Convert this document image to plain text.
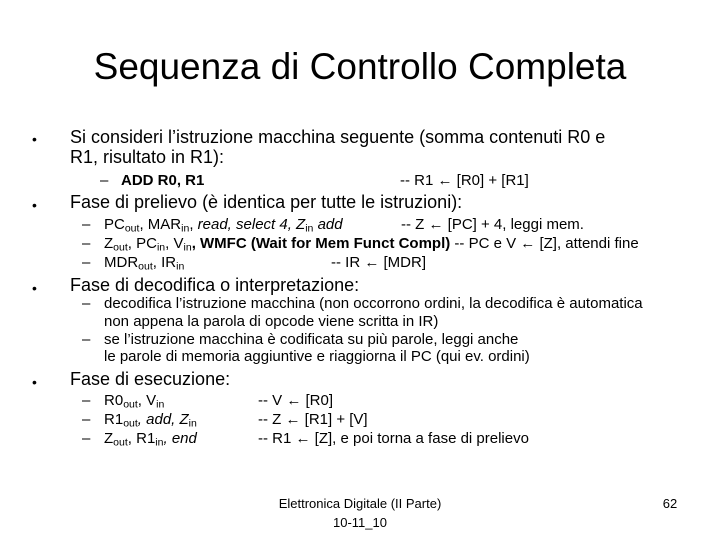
Sequenza di Controllo Completa
• Si consideri l’istruzione macchina seguente (somma contenuti R0 e
R1, risultato in R1):
– ADD R0, R1	-- R1 ← [R0] + [R1]
• Fase di prelievo (è identica per tutte le istruzioni):
– $PC_{out}$, $MAR_{in}$, read, select 4, $Z_{in}$ add	-- Z ← [PC] + 4, leggi mem.
– $Z_{out}$, $PC_{in}$, $V_{in}$, WMFC (Wait for Mem Funct Compl) -- PC e V ← [Z], attendi fine
– $MDR_{out}$, $IR_{in}$	-- IR ← [MDR]
• Fase di decodifica o interpretazione:
– decodifica l’istruzione macchina (non occorrono ordini, la decodifica è automatica
non appena la parola di opcode viene scritta in IR)
– se l’istruzione macchina è codificata su più parole, leggi anche
le parole di memoria aggiuntive e riaggiorna il PC (qui ev. ordini)
• Fase di esecuzione:
– $R0_{out}$, $V_{in}$	-- V ← [R0]
– $R1_{out}$, add, $Z_{in}$	-- Z ← [R1] + [V]
– $Z_{out}$, $R1_{in}$, end	-- R1 ← [Z], e poi torna a fase di prelievo
Elettronica Digitale (II Parte)
10-11_10
62
